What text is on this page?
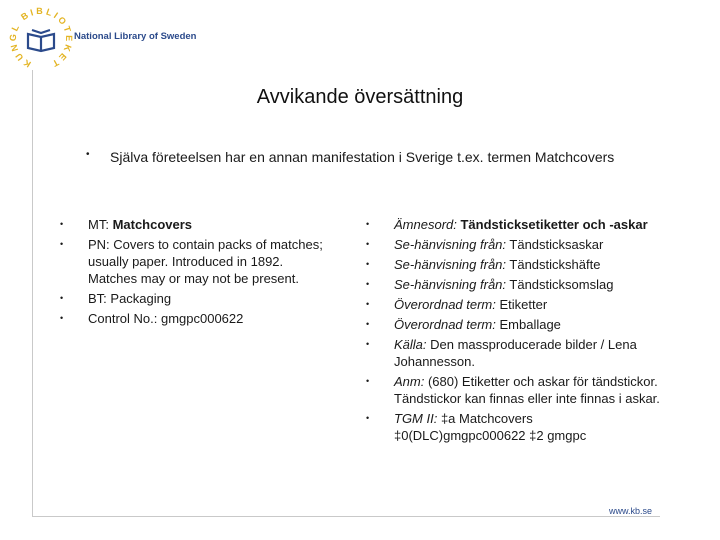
KUNGL BIBLIOTEKET
National Library of Sweden
Avvikande översättning
• Själva företeelsen har en annan manifestation i Sverige t.ex. termen Matchcovers
• MT: Matchcovers
• PN: Covers to contain packs of matches; usually paper. Introduced in 1892. Matches may or may not be present.
• BT: Packaging
• Control No.: gmgpc000622
• Ämnesord: Tändsticksetiketter och -askar
• Se-hänvisning från: Tändsticksaskar
• Se-hänvisning från: Tändstickshäfte
• Se-hänvisning från: Tändsticksomslag
• Överordnad term: Etiketter
• Överordnad term: Emballage
• Källa: Den massproducerade bilder / Lena Johannesson.
• Anm: (680) Etiketter och askar för tändstickor. Tändstickor kan finnas eller inte finnas i askar.
• TGM II: ‡a Matchcovers ‡0(DLC)gmgpc000622 ‡2 gmgpc
www.kb.se
